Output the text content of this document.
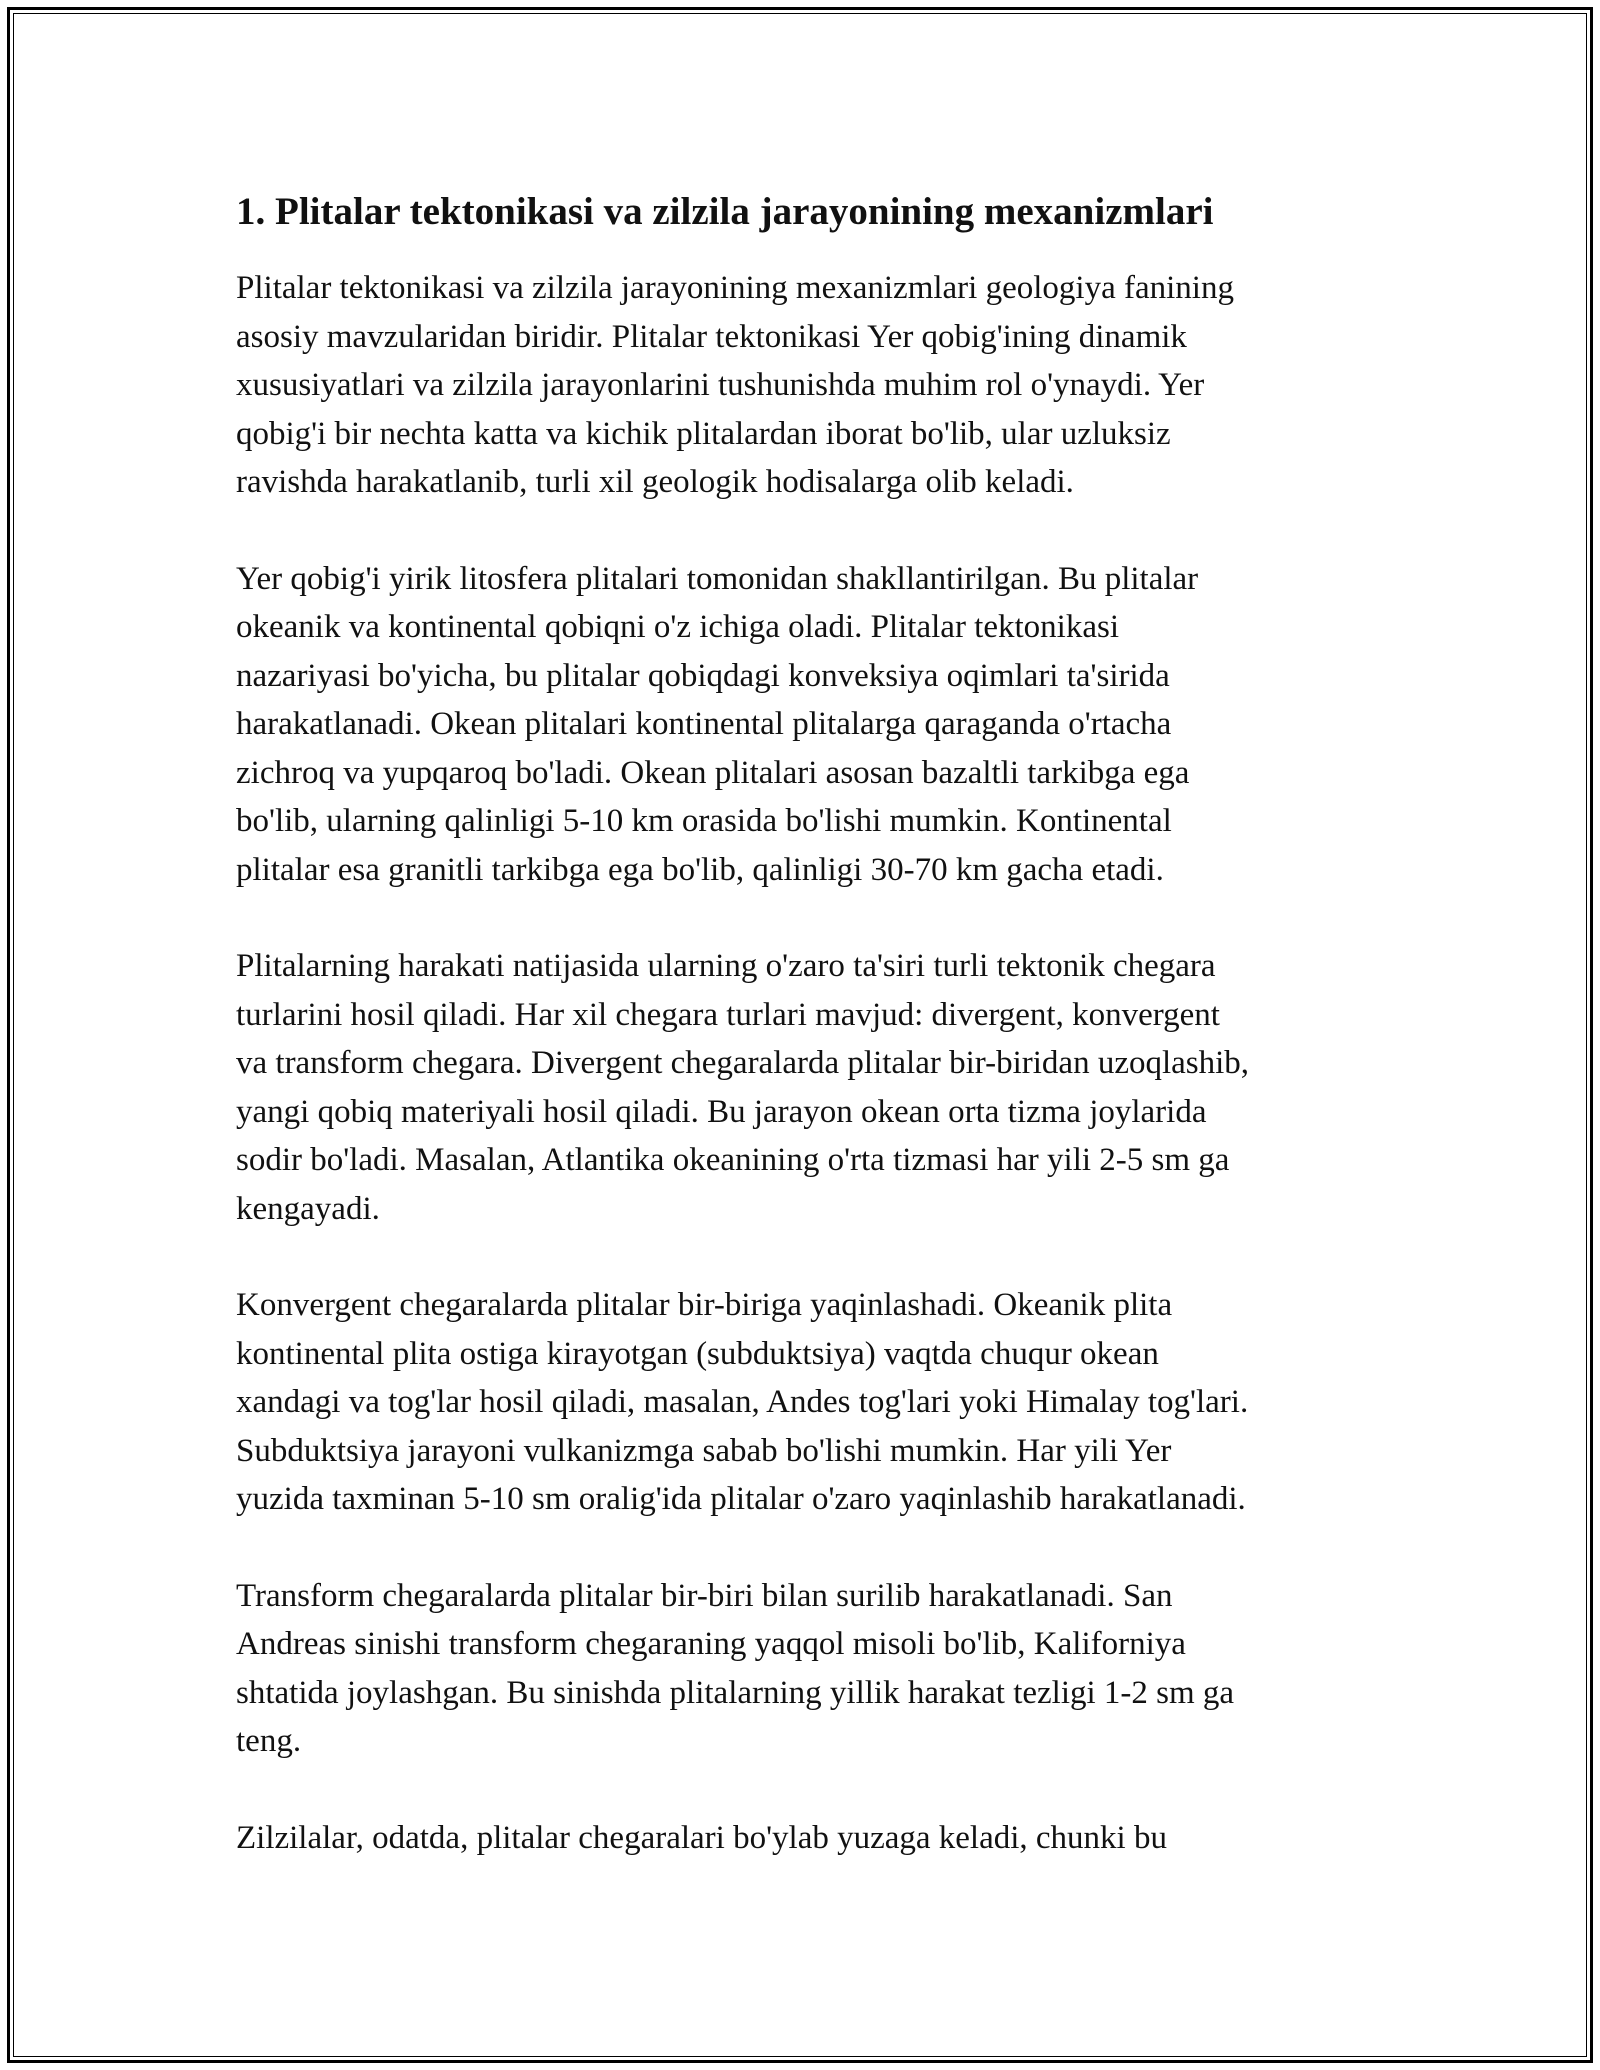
1. Plitalar tektonikasi va zilzila jarayonining mexanizmlari

Plitalar tektonikasi va zilzila jarayonining mexanizmlari geologiya fanining
asosiy mavzularidan biridir. Plitalar tektonikasi Yer qobig'ining dinamik
xususiyatlari va zilzila jarayonlarini tushunishda muhim rol o'ynaydi. Yer
qobig'i bir nechta katta va kichik plitalardan iborat bo'lib, ular uzluksiz
ravishda harakatlanib, turli xil geologik hodisalarga olib keladi.

Yer qobig'i yirik litosfera plitalari tomonidan shakllantirilgan. Bu plitalar
okeanik va kontinental qobiqni o'z ichiga oladi. Plitalar tektonikasi
nazariyasi bo'yicha, bu plitalar qobiqdagi konveksiya oqimlari ta'sirida
harakatlanadi. Okean plitalari kontinental plitalarga qaraganda o'rtacha
zichroq va yupqaroq bo'ladi. Okean plitalari asosan bazaltli tarkibga ega
bo'lib, ularning qalinligi 5-10 km orasida bo'lishi mumkin. Kontinental
plitalar esa granitli tarkibga ega bo'lib, qalinligi 30-70 km gacha etadi.

Plitalarning harakati natijasida ularning o'zaro ta'siri turli tektonik chegara
turlarini hosil qiladi. Har xil chegara turlari mavjud: divergent, konvergent
va transform chegara. Divergent chegaralarda plitalar bir-biridan uzoqlashib,
yangi qobiq materiyali hosil qiladi. Bu jarayon okean orta tizma joylarida
sodir bo'ladi. Masalan, Atlantika okeanining o'rta tizmasi har yili 2-5 sm ga
kengayadi.

Konvergent chegaralarda plitalar bir-biriga yaqinlashadi. Okeanik plita
kontinental plita ostiga kirayotgan (subduktsiya) vaqtda chuqur okean
xandagi va tog'lar hosil qiladi, masalan, Andes tog'lari yoki Himalay tog'lari.
Subduktsiya jarayoni vulkanizmga sabab bo'lishi mumkin. Har yili Yer
yuzida taxminan 5-10 sm oralig'ida plitalar o'zaro yaqinlashib harakatlanadi.

Transform chegaralarda plitalar bir-biri bilan surilib harakatlanadi. San
Andreas sinishi transform chegaraning yaqqol misoli bo'lib, Kaliforniya
shtatida joylashgan. Bu sinishda plitalarning yillik harakat tezligi 1-2 sm ga
teng.

Zilzilalar, odatda, plitalar chegaralari bo'ylab yuzaga keladi, chunki bu
